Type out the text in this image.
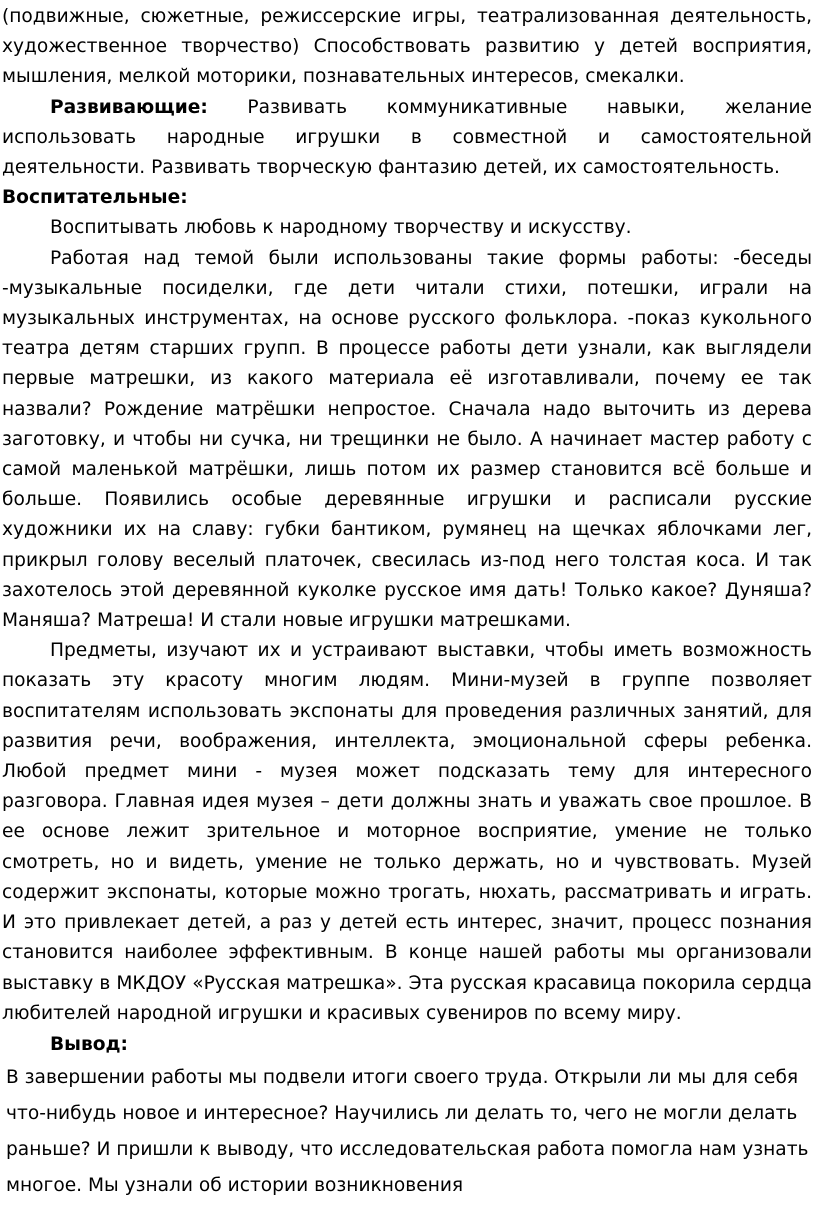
(подвижные, сюжетные, режиссерские игры, театрализованная деятельность, художественное творчество) Способствовать развитию у детей восприятия, мышления, мелкой моторики, познавательных интересов, смекалки.

Развивающие: Развивать коммуникативные навыки, желание использовать народные игрушки в совместной и самостоятельной деятельности. Развивать творческую фантазию детей, их самостоятельность.

Воспитательные:

Воспитывать любовь к народному творчеству и искусству.

Работая над темой были использованы такие формы работы: -беседы -музыкальные посиделки, где дети читали стихи, потешки, играли на музыкальных инструментах, на основе русского фольклора. -показ кукольного театра детям старших групп. В процессе работы дети узнали, как выглядели первые матрешки, из какого материала её изготавливали, почему ее так назвали? Рождение матрёшки непростое. Сначала надо выточить из дерева заготовку, и чтобы ни сучка, ни трещинки не было. А начинает мастер работу с самой маленькой матрёшки, лишь потом их размер становится всё больше и больше. Появились особые деревянные игрушки и расписали русские художники их на славу: губки бантиком, румянец на щечках яблочками лег, прикрыл голову веселый платочек, свесилась из-под него толстая коса. И так захотелось этой деревянной куколке русское имя дать! Только какое? Дуняша? Маняша? Матреша! И стали новые игрушки матрешками.

Предметы, изучают их и устраивают выставки, чтобы иметь возможность показать эту красоту многим людям. Мини-музей в группе позволяет воспитателям использовать экспонаты для проведения различных занятий, для развития речи, воображения, интеллекта, эмоциональной сферы ребенка. Любой предмет мини - музея может подсказать тему для интересного разговора. Главная идея музея – дети должны знать и уважать свое прошлое. В ее основе лежит зрительное и моторное восприятие, умение не только смотреть, но и видеть, умение не только держать, но и чувствовать. Музей содержит экспонаты, которые можно трогать, нюхать, рассматривать и играть. И это привлекает детей, а раз у детей есть интерес, значит, процесс познания становится наиболее эффективным. В конце нашей работы мы организовали выставку в МКДОУ «Русская матрешка». Эта русская красавица покорила сердца любителей народной игрушки и красивых сувениров по всему миру.

Вывод:

В завершении работы мы подвели итоги своего труда. Открыли ли мы для себя что-нибудь новое и интересное? Научились ли делать то, чего не могли делать раньше? И пришли к выводу, что исследовательская работа помогла нам узнать многое. Мы узнали об истории возникновения
